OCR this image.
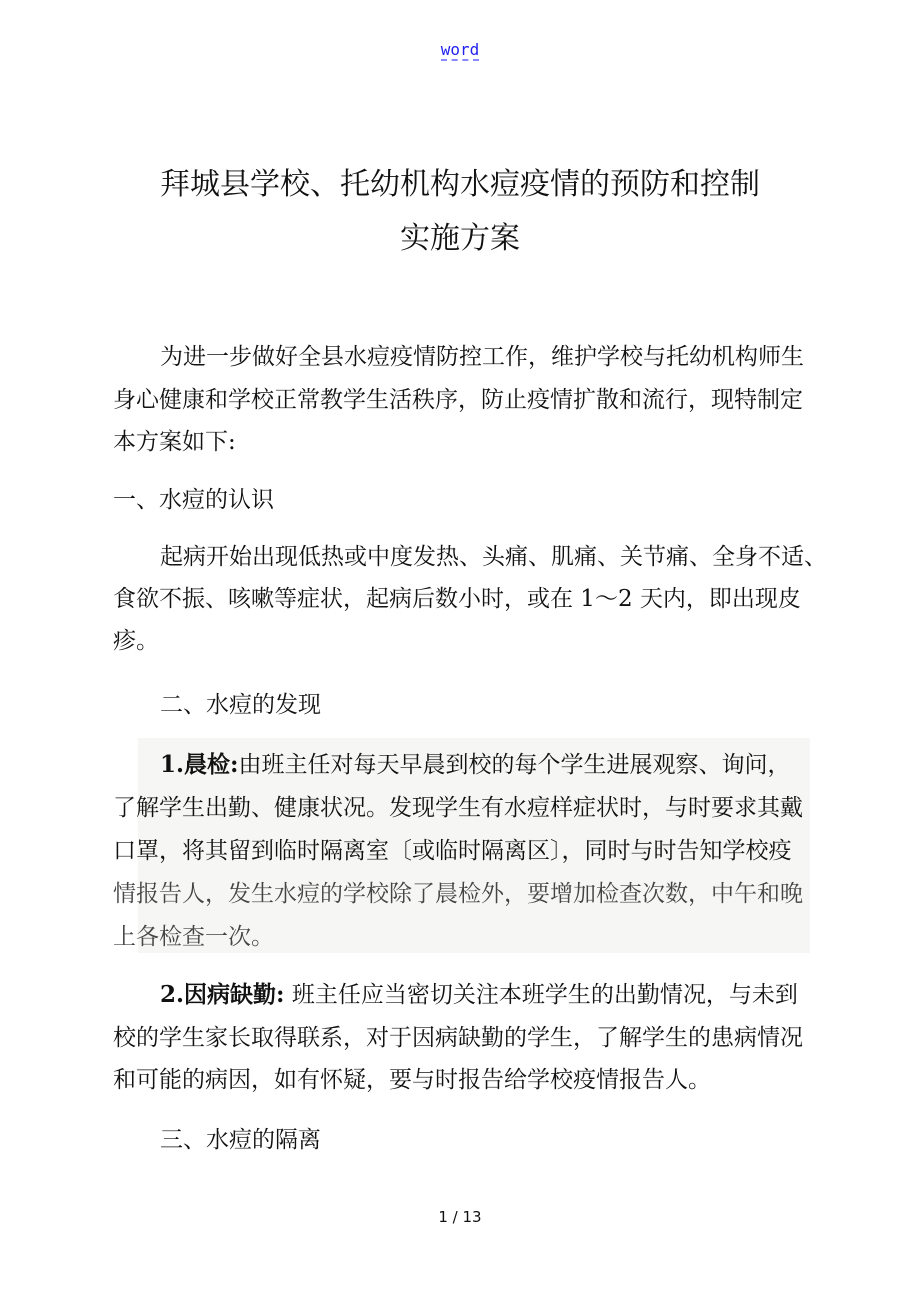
word
拜城县学校、托幼机构水痘疫情的预防和控制
实施方案
为进一步做好全县水痘疫情防控工作，维护学校与托幼机构师生
身心健康和学校正常教学生活秩序，防止疫情扩散和流行，现特制定
本方案如下:
一、水痘的认识
起病开始出现低热或中度发热、头痛、肌痛、关节痛、全身不适、
食欲不振、咳嗽等症状，起病后数小时，或在 1～2 天内，即出现皮
疹。
二、水痘的发现
1.晨检:由班主任对每天早晨到校的每个学生进展观察、询问，
了解学生出勤、健康状况。发现学生有水痘样症状时，与时要求其戴
口罩，将其留到临时隔离室〔或临时隔离区〕，同时与时告知学校疫
情报告人，发生水痘的学校除了晨检外，要增加检查次数，中午和晚
上各检查一次。
2.因病缺勤: 班主任应当密切关注本班学生的出勤情况，与未到
校的学生家长取得联系，对于因病缺勤的学生，了解学生的患病情况
和可能的病因，如有怀疑，要与时报告给学校疫情报告人。
三、水痘的隔离
1 / 13
